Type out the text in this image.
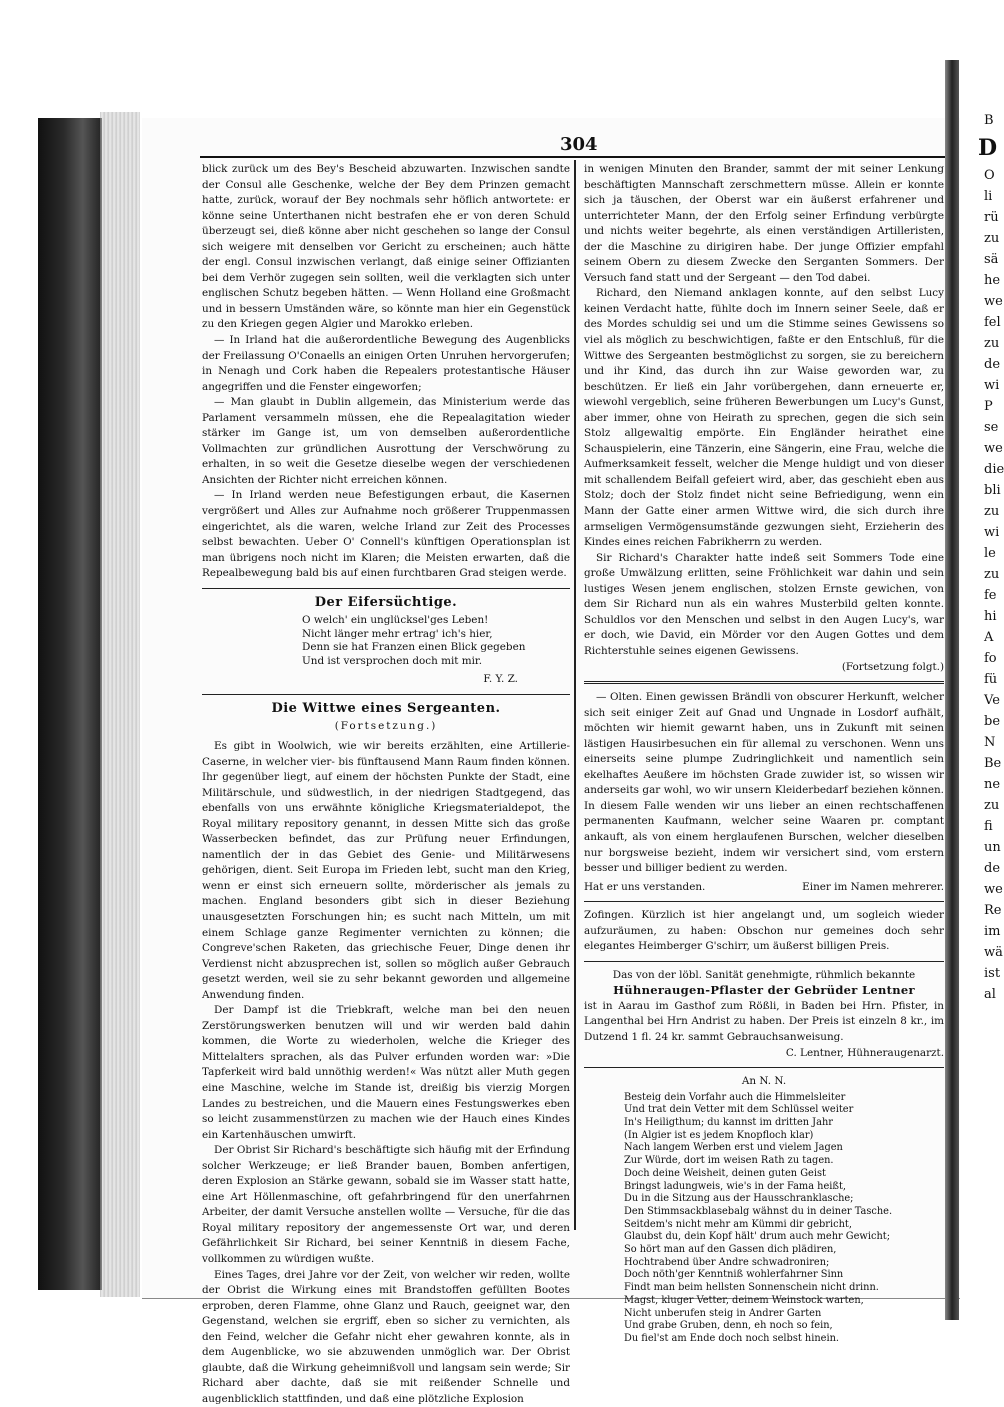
B
D
O
li
rü
zu
sä
he
we
fel
zu
de
wi
P
se
we
die
bli
zu
wi
le
zu
fe
hi
A
fo
fü
Ve
be
N
Be
ne
zu
fi
un
de
we
Re
im
wä
ist
al
304

blick zurück um des Bey's Bescheid abzuwarten. Inzwischen sandte der Consul alle Geschenke, welche der Bey dem Prinzen gemacht hatte, zurück, worauf der Bey nochmals sehr höflich antwortete: er könne seine Unterthanen nicht bestrafen ehe er von deren Schuld überzeugt sei, dieß könne aber nicht geschehen so lange der Consul sich weigere mit denselben vor Gericht zu erscheinen; auch hätte der engl. Consul inzwischen verlangt, daß einige seiner Offizianten bei dem Verhör zugegen sein sollten, weil die verklagten sich unter englischen Schutz begeben hätten. — Wenn Holland eine Großmacht und in bessern Umständen wäre, so könnte man hier ein Gegenstück zu den Kriegen gegen Algier und Marokko erleben.

— In Irland hat die außerordentliche Bewegung des Augenblicks der Freilassung O'Conaells an einigen Orten Unruhen hervorgerufen; in Nenagh und Cork haben die Repealers protestantische Häuser angegriffen und die Fenster eingeworfen;

— Man glaubt in Dublin allgemein, das Ministerium werde das Parlament versammeln müssen, ehe die Repealagitation wieder stärker im Gange ist, um von demselben außerordentliche Vollmachten zur gründlichen Ausrottung der Verschwörung zu erhalten, in so weit die Gesetze dieselbe wegen der verschiedenen Ansichten der Richter nicht erreichen können.

— In Irland werden neue Befestigungen erbaut, die Kasernen vergrößert und Alles zur Aufnahme noch größerer Truppenmassen eingerichtet, als die waren, welche Irland zur Zeit des Processes selbst bewachten. Ueber O' Connell's künftigen Operationsplan ist man übrigens noch nicht im Klaren; die Meisten erwarten, daß die Repealbewegung bald bis auf einen furchtbaren Grad steigen werde.

Der Eifersüchtige.
O welch' ein unglücksel'ges Leben!
Nicht länger mehr ertrag' ich's hier,
Denn sie hat Franzen einen Blick gegeben
Und ist versprochen doch mit mir.
F. Y. Z.
Die Wittwe eines Sergeanten.
(Fortsetzung.)

Es gibt in Woolwich, wie wir bereits erzählten, eine Artillerie-Caserne, in welcher vier- bis fünftausend Mann Raum finden können. Ihr gegenüber liegt, auf einem der höchsten Punkte der Stadt, eine Militärschule, und südwestlich, in der niedrigen Stadtgegend, das ebenfalls von uns erwähnte königliche Kriegsmaterialdepot, the Royal military repository genannt, in dessen Mitte sich das große Wasserbecken befindet, das zur Prüfung neuer Erfindungen, namentlich der in das Gebiet des Genie- und Militärwesens gehörigen, dient. Seit Europa im Frieden lebt, sucht man den Krieg, wenn er einst sich erneuern sollte, mörderischer als jemals zu machen. England besonders gibt sich in dieser Beziehung unausgesetzten Forschungen hin; es sucht nach Mitteln, um mit einem Schlage ganze Regimenter vernichten zu können; die Congreve'schen Raketen, das griechische Feuer, Dinge denen ihr Verdienst nicht abzusprechen ist, sollen so möglich außer Gebrauch gesetzt werden, weil sie zu sehr bekannt geworden und allgemeine Anwendung finden.

Der Dampf ist die Triebkraft, welche man bei den neuen Zerstörungswerken benutzen will und wir werden bald dahin kommen, die Worte zu wiederholen, welche die Krieger des Mittelalters sprachen, als das Pulver erfunden worden war: »Die Tapferkeit wird bald unnöthig werden!« Was nützt aller Muth gegen eine Maschine, welche im Stande ist, dreißig bis vierzig Morgen Landes zu bestreichen, und die Mauern eines Festungswerkes eben so leicht zusammenstürzen zu machen wie der Hauch eines Kindes ein Kartenhäuschen umwirft.

Der Obrist Sir Richard's beschäftigte sich häufig mit der Erfindung solcher Werkzeuge; er ließ Brander bauen, Bomben anfertigen, deren Explosion an Stärke gewann, sobald sie im Wasser statt hatte, eine Art Höllenmaschine, oft gefahrbringend für den unerfahrnen Arbeiter, der damit Versuche anstellen wollte — Versuche, für die das Royal military repository der angemessenste Ort war, und deren Gefährlichkeit Sir Richard, bei seiner Kenntniß in diesem Fache, vollkommen zu würdigen wußte.

Eines Tages, drei Jahre vor der Zeit, von welcher wir reden, wollte der Obrist die Wirkung eines mit Brandstoffen gefüllten Bootes erproben, deren Flamme, ohne Glanz und Rauch, geeignet war, den Gegenstand, welchen sie ergriff, eben so sicher zu vernichten, als den Feind, welcher die Gefahr nicht eher gewahren konnte, als in dem Augenblicke, wo sie abzuwenden unmöglich war. Der Obrist glaubte, daß die Wirkung geheimnißvoll und langsam sein werde; Sir Richard aber dachte, daß sie mit reißender Schnelle und augenblicklich stattfinden, und daß eine plötzliche Explosion

in wenigen Minuten den Brander, sammt der mit seiner Lenkung beschäftigten Mannschaft zerschmettern müsse. Allein er konnte sich ja täuschen, der Oberst war ein äußerst erfahrener und unterrichteter Mann, der den Erfolg seiner Erfindung verbürgte und nichts weiter begehrte, als einen verständigen Artilleristen, der die Maschine zu dirigiren habe. Der junge Offizier empfahl seinem Obern zu diesem Zwecke den Serganten Sommers. Der Versuch fand statt und der Sergeant — den Tod dabei.

Richard, den Niemand anklagen konnte, auf den selbst Lucy keinen Verdacht hatte, fühlte doch im Innern seiner Seele, daß er des Mordes schuldig sei und um die Stimme seines Gewissens so viel als möglich zu beschwichtigen, faßte er den Entschluß, für die Wittwe des Sergeanten bestmöglichst zu sorgen, sie zu bereichern und ihr Kind, das durch ihn zur Waise geworden war, zu beschützen. Er ließ ein Jahr vorübergehen, dann erneuerte er, wiewohl vergeblich, seine früheren Bewerbungen um Lucy's Gunst, aber immer, ohne von Heirath zu sprechen, gegen die sich sein Stolz allgewaltig empörte. Ein Engländer heirathet eine Schauspielerin, eine Tänzerin, eine Sängerin, eine Frau, welche die Aufmerksamkeit fesselt, welcher die Menge huldigt und von dieser mit schallendem Beifall gefeiert wird, aber, das geschieht eben aus Stolz; doch der Stolz findet nicht seine Befriedigung, wenn ein Mann der Gatte einer armen Wittwe wird, die sich durch ihre armseligen Vermögensumstände gezwungen sieht, Erzieherin des Kindes eines reichen Fabrikherrn zu werden.

Sir Richard's Charakter hatte indeß seit Sommers Tode eine große Umwälzung erlitten, seine Fröhlichkeit war dahin und sein lustiges Wesen jenem englischen, stolzen Ernste gewichen, von dem Sir Richard nun als ein wahres Musterbild gelten konnte. Schuldlos vor den Menschen und selbst in den Augen Lucy's, war er doch, wie David, ein Mörder vor den Augen Gottes und dem Richterstuhle seines eigenen Gewissens.

(Fortsetzung folgt.)

— Olten. Einen gewissen Brändli von obscurer Herkunft, welcher sich seit einiger Zeit auf Gnad und Ungnade in Losdorf aufhält, möchten wir hiemit gewarnt haben, uns in Zukunft mit seinen lästigen Hausirbesuchen ein für allemal zu verschonen. Wenn uns einerseits seine plumpe Zudringlichkeit und namentlich sein ekelhaftes Aeußere im höchsten Grade zuwider ist, so wissen wir anderseits gar wohl, wo wir unsern Kleiderbedarf beziehen können. In diesem Falle wenden wir uns lieber an einen rechtschaffenen permanenten Kaufmann, welcher seine Waaren pr. comptant ankauft, als von einem herglaufenen Burschen, welcher dieselben nur borgsweise bezieht, indem wir versichert sind, vom erstern besser und billiger bedient zu werden.

Hat er uns verstanden.	Einer im Namen mehrerer.

Zofingen. Kürzlich ist hier angelangt und, um sogleich wieder aufzuräumen, zu haben: Obschon nur gemeines doch sehr elegantes Heimberger G'schirr, um äußerst billigen Preis.

Das von der löbl. Sanität genehmigte, rühmlich bekannte
Hühneraugen-Pflaster der Gebrüder Lentner

ist in Aarau im Gasthof zum Rößli, in Baden bei Hrn. Pfister, in Langenthal bei Hrn Andrist zu haben. Der Preis ist einzeln 8 kr., im Dutzend 1 fl. 24 kr. sammt Gebrauchsanweisung.

C. Lentner, Hühneraugenarzt.
An N. N.
Besteig dein Vorfahr auch die Himmelsleiter
Und trat dein Vetter mit dem Schlüssel weiter
In's Heiligthum; du kannst im dritten Jahr
(In Algier ist es jedem Knopfloch klar)
Nach langem Werben erst und vielem Jagen
Zur Würde, dort im weisen Rath zu tagen.
Doch deine Weisheit, deinen guten Geist
Bringst ladungweis, wie's in der Fama heißt,
Du in die Sitzung aus der Hausschranklasche;
Den Stimmsackblasebalg wähnst du in deiner Tasche.
Seitdem's nicht mehr am Kümmi dir gebricht,
Glaubst du, dein Kopf hält' drum auch mehr Gewicht;
So hört man auf den Gassen dich plädiren,
Hochtrabend über Andre schwadroniren;
Doch nöth'ger Kenntniß wohlerfahrner Sinn
Findt man beim hellsten Sonnenschein nicht drinn.
Magst, kluger Vetter, deinem Weinstock warten,
Nicht unberufen steig in Andrer Garten
Und grabe Gruben, denn, eh noch so fein,
Du fiel'st am Ende doch noch selbst hinein.
